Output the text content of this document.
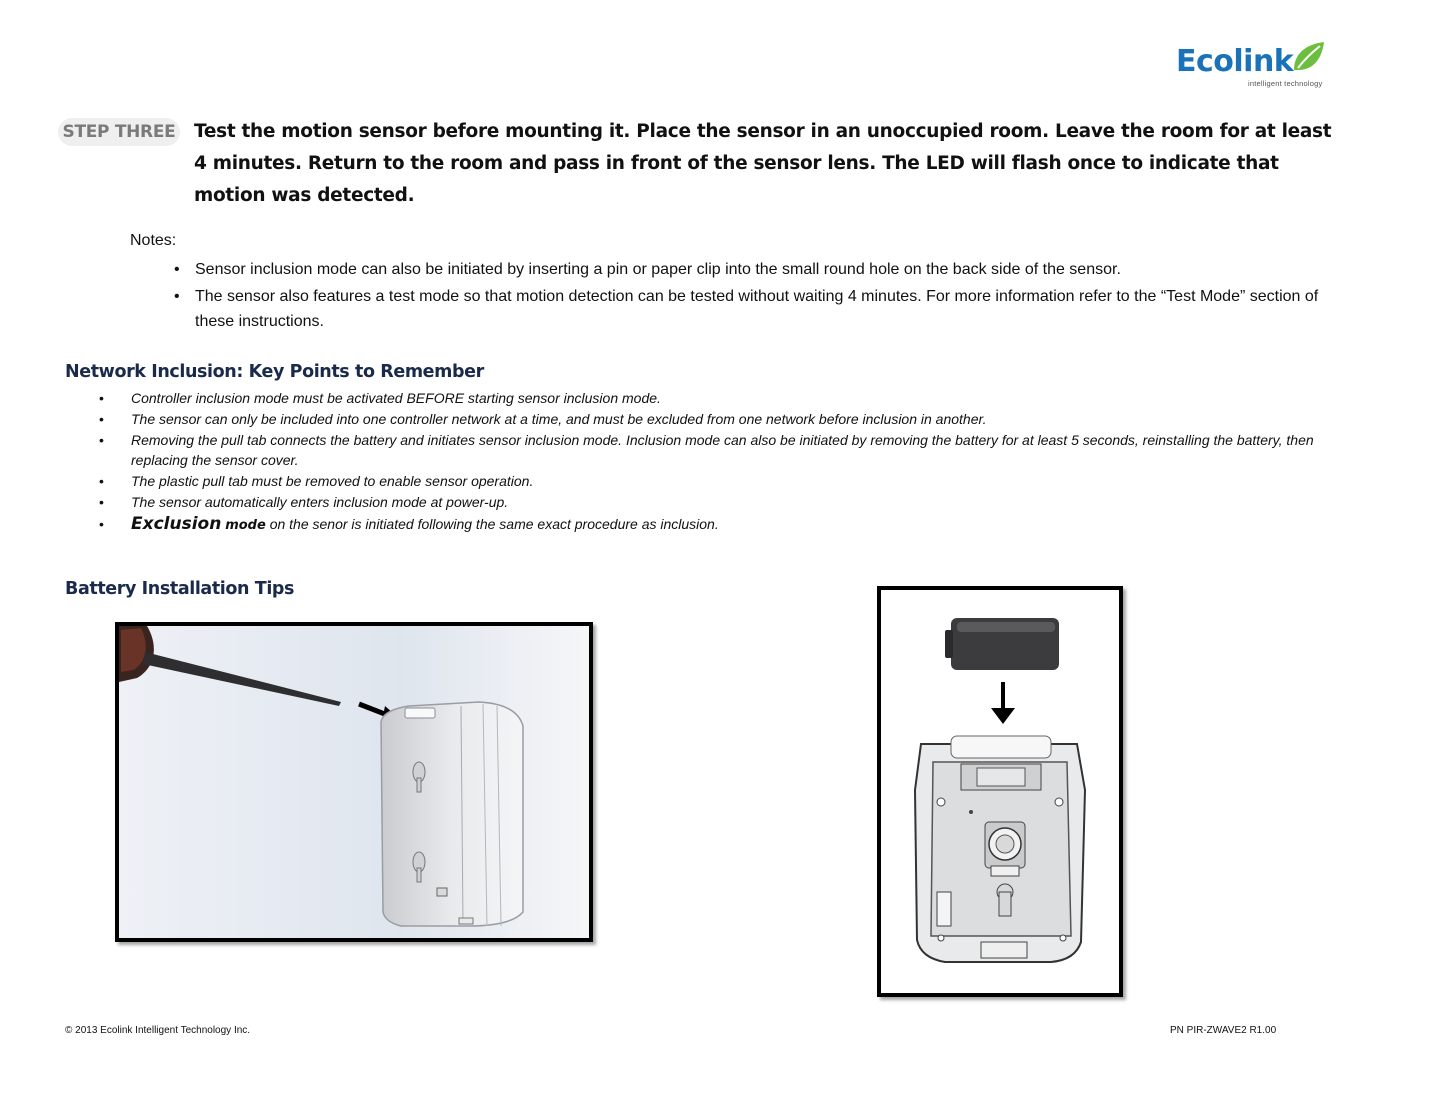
Ecolink
intelligent technology
STEP THREE Test the motion sensor before mounting it. Place the sensor in an unoccupied room. Leave the room for at least 4 minutes. Return to the room and pass in front of the sensor lens. The LED will flash once to indicate that motion was detected.
Notes:
• Sensor inclusion mode can also be initiated by inserting a pin or paper clip into the small round hole on the back side of the sensor.
• The sensor also features a test mode so that motion detection can be tested without waiting 4 minutes. For more information refer to the “Test Mode” section of these instructions.
Network Inclusion: Key Points to Remember
• Controller inclusion mode must be activated BEFORE starting sensor inclusion mode.
• The sensor can only be included into one controller network at a time, and must be excluded from one network before inclusion in another.
• Removing the pull tab connects the battery and initiates sensor inclusion mode. Inclusion mode can also be initiated by removing the battery for at least 5 seconds, reinstalling the battery, then replacing the sensor cover.
• The plastic pull tab must be removed to enable sensor operation.
• The sensor automatically enters inclusion mode at power-up.
• Exclusion mode on the senor is initiated following the same exact procedure as inclusion.
Battery Installation Tips
© 2013 Ecolink Intelligent Technology Inc.	PN PIR-ZWAVE2 R1.00
